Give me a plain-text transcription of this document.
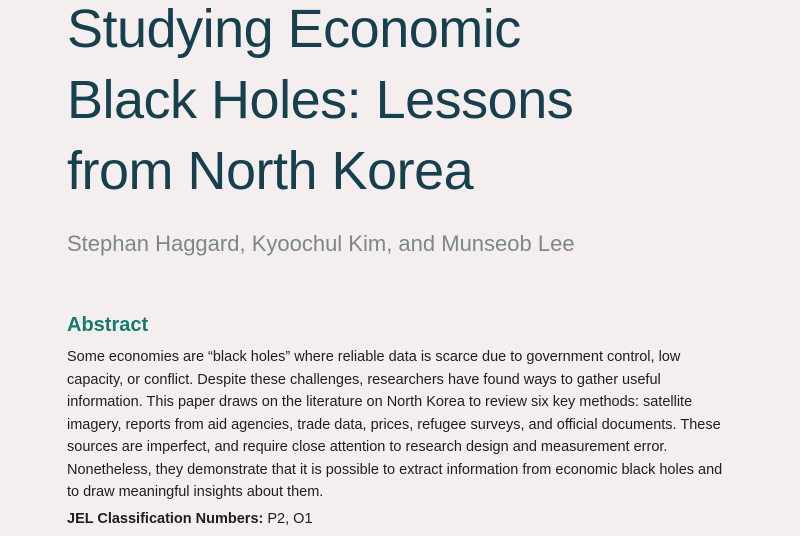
Studying Economic
Black Holes: Lessons
from North Korea
Stephan Haggard, Kyoochul Kim, and Munseob Lee
Abstract
Some economies are “black holes” where reliable data is scarce due to government control, low capacity, or conflict. Despite these challenges, researchers have found ways to gather useful information. This paper draws on the literature on North Korea to review six key methods: satellite imagery, reports from aid agencies, trade data, prices, refugee surveys, and official documents. These sources are imperfect, and require close attention to research design and measurement error. Nonetheless, they demonstrate that it is possible to extract information from economic black holes and to draw meaningful insights about them.
JEL Classification Numbers: P2, O1
